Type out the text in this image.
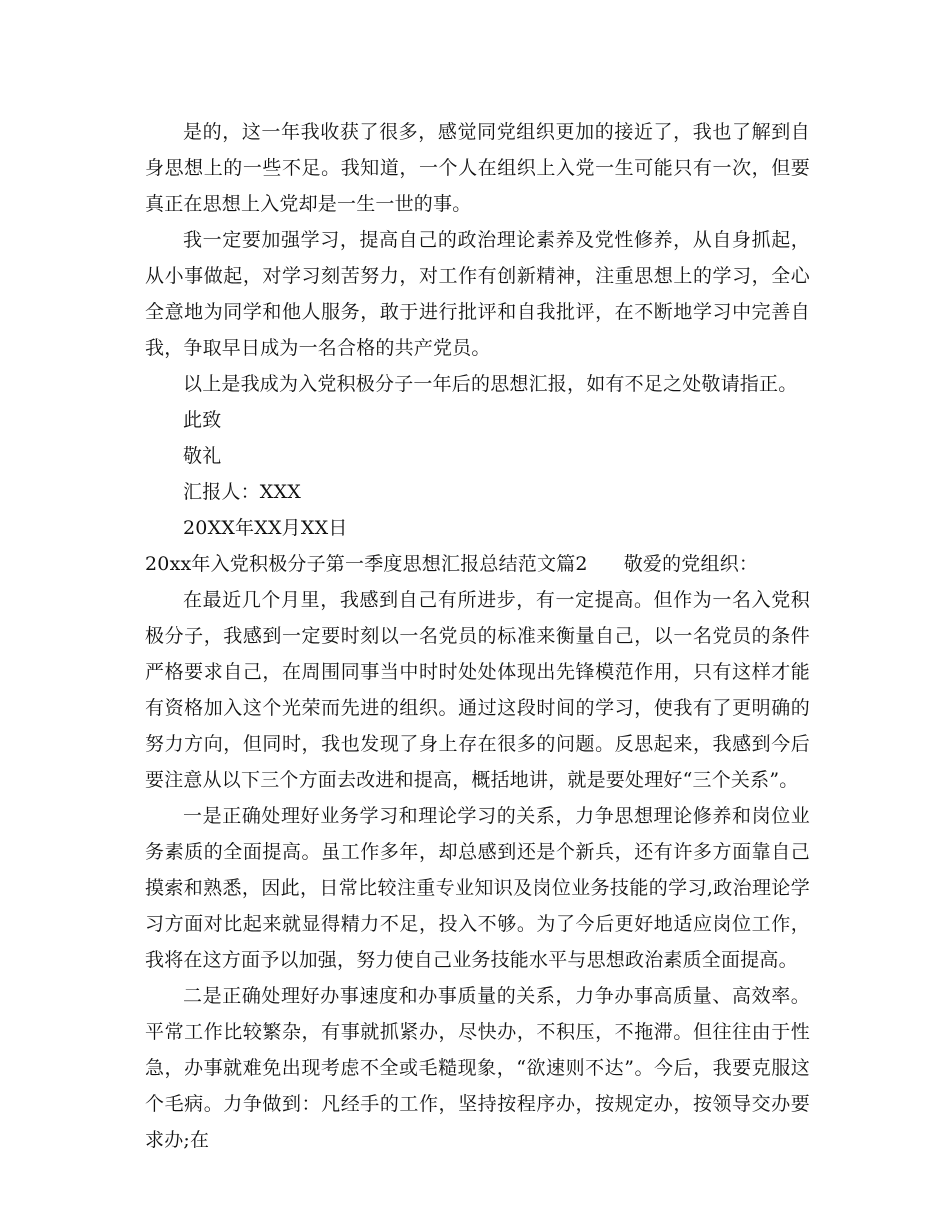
是的，这一年我收获了很多，感觉同党组织更加的接近了，我也了解到自身思想上的一些不足。我知道，一个人在组织上入党一生可能只有一次，但要真正在思想上入党却是一生一世的事。

我一定要加强学习，提高自己的政治理论素养及党性修养，从自身抓起，从小事做起，对学习刻苦努力，对工作有创新精神，注重思想上的学习，全心全意地为同学和他人服务，敢于进行批评和自我批评，在不断地学习中完善自我，争取早日成为一名合格的共产党员。

以上是我成为入党积极分子一年后的思想汇报，如有不足之处敬请指正。

此致

敬礼

汇报人：XXX

20XX年XX月XX日

20xx年入党积极分子第一季度思想汇报总结范文篇2 敬爱的党组织：

在最近几个月里，我感到自己有所进步，有一定提高。但作为一名入党积极分子，我感到一定要时刻以一名党员的标准来衡量自己，以一名党员的条件严格要求自己，在周围同事当中时时处处体现出先锋模范作用，只有这样才能有资格加入这个光荣而先进的组织。通过这段时间的学习，使我有了更明确的努力方向，但同时，我也发现了身上存在很多的问题。反思起来，我感到今后要注意从以下三个方面去改进和提高，概括地讲，就是要处理好“三个关系”。

一是正确处理好业务学习和理论学习的关系，力争思想理论修养和岗位业务素质的全面提高。虽工作多年，却总感到还是个新兵，还有许多方面靠自己摸索和熟悉，因此，日常比较注重专业知识及岗位业务技能的学习,政治理论学习方面对比起来就显得精力不足，投入不够。为了今后更好地适应岗位工作，我将在这方面予以加强，努力使自己业务技能水平与思想政治素质全面提高。

二是正确处理好办事速度和办事质量的关系，力争办事高质量、高效率。平常工作比较繁杂，有事就抓紧办，尽快办，不积压，不拖滞。但往往由于性急，办事就难免出现考虑不全或毛糙现象，“欲速则不达”。今后，我要克服这个毛病。力争做到：凡经手的工作，坚持按程序办，按规定办，按领导交办要求办;在
